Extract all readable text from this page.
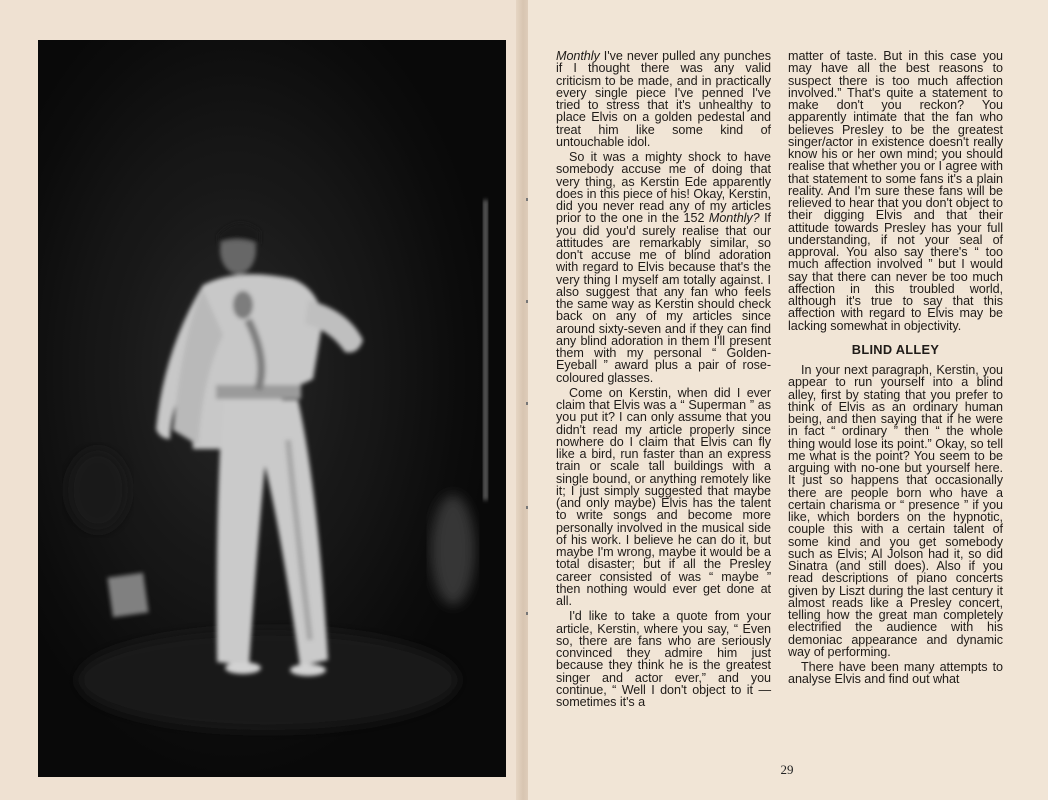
Monthly I've never pulled any punches if I thought there was any valid criticism to be made, and in practically every single piece I've penned I've tried to stress that it's unhealthy to place Elvis on a golden pedestal and treat him like some kind of untouchable idol.

So it was a mighty shock to have somebody accuse me of doing that very thing, as Kerstin Ede apparently does in this piece of his! Okay, Kerstin, did you never read any of my articles prior to the one in the 152 Monthly? If you did you'd surely realise that our attitudes are remarkably similar, so don't accuse me of blind adoration with regard to Elvis because that's the very thing I myself am totally against. I also suggest that any fan who feels the same way as Kerstin should check back on any of my articles since around sixty-seven and if they can find any blind adoration in them I'll present them with my personal “ Golden-Eyeball ” award plus a pair of rose-coloured glasses.

Come on Kerstin, when did I ever claim that Elvis was a “ Superman ” as you put it? I can only assume that you didn't read my article properly since nowhere do I claim that Elvis can fly like a bird, run faster than an express train or scale tall buildings with a single bound, or anything remotely like it; I just simply suggested that maybe (and only maybe) Elvis has the talent to write songs and become more personally involved in the musical side of his work. I believe he can do it, but maybe I'm wrong, maybe it would be a total disaster; but if all the Presley career consisted of was “ maybe ” then nothing would ever get done at all.

I'd like to take a quote from your article, Kerstin, where you say, “ Even so, there are fans who are seriously convinced they admire him just because they think he is the greatest singer and actor ever,” and you continue, “ Well I don't object to it — sometimes it's a

matter of taste. But in this case you may have all the best reasons to suspect there is too much affection involved.” That's quite a statement to make don't you reckon? You apparently intimate that the fan who believes Presley to be the greatest singer/actor in existence doesn't really know his or her own mind; you should realise that whether you or I agree with that statement to some fans it's a plain reality. And I'm sure these fans will be relieved to hear that you don't object to their digging Elvis and that their attitude towards Presley has your full understanding, if not your seal of approval. You also say there's “ too much affection involved ” but I would say that there can never be too much affection in this troubled world, although it's true to say that this affection with regard to Elvis may be lacking somewhat in objectivity.

BLIND ALLEY

In your next paragraph, Kerstin, you appear to run yourself into a blind alley, first by stating that you prefer to think of Elvis as an ordinary human being, and then saying that if he were in fact “ ordinary ” then “ the whole thing would lose its point.” Okay, so tell me what is the point? You seem to be arguing with no-one but yourself here. It just so happens that occasionally there are people born who have a certain charisma or “ presence ” if you like, which borders on the hypnotic, couple this with a certain talent of some kind and you get somebody such as Elvis; Al Jolson had it, so did Sinatra (and still does). Also if you read descriptions of piano concerts given by Liszt during the last century it almost reads like a Presley concert, telling how the great man completely electrified the audience with his demoniac appearance and dynamic way of performing.

There have been many attempts to analyse Elvis and find out what

29
